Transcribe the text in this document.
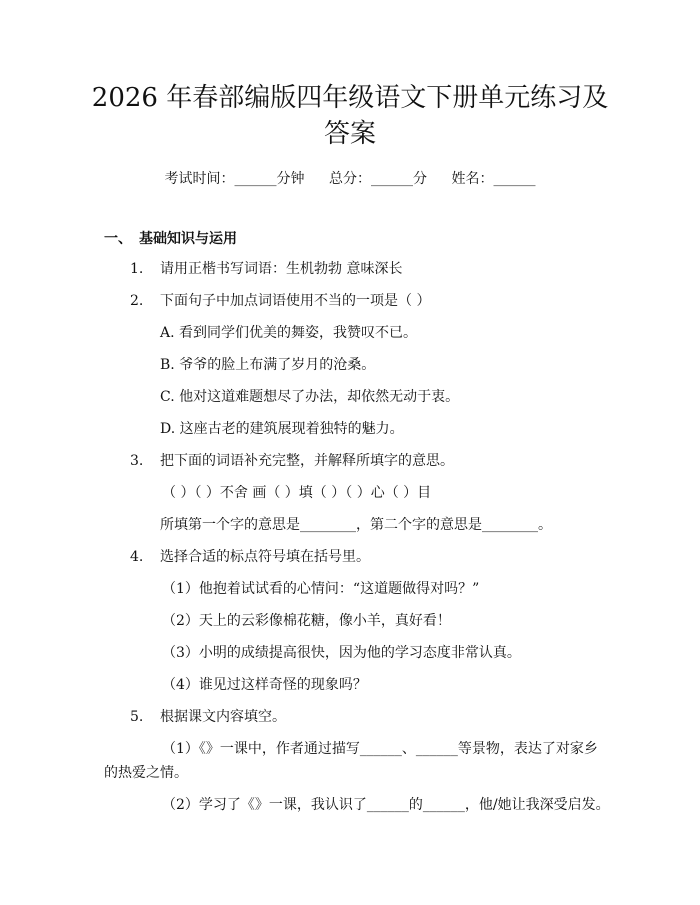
2026 年春部编版四年级语文下册单元练习及
答案
考试时间：______分钟 总分：______分 姓名：______
一、　基础知识与运用
1. 请用正楷书写词语：生机勃勃 意味深长
2. 下面句子中加点词语使用不当的一项是（ ）
A. 看到同学们优美的舞姿，我赞叹不已。
B. 爷爷的脸上布满了岁月的沧桑。
C. 他对这道难题想尽了办法，却依然无动于衷。
D. 这座古老的建筑展现着独特的魅力。
3. 把下面的词语补充完整，并解释所填字的意思。
（ ）（ ）不舍 画（ ）填（ ）（ ）心（ ）目
所填第一个字的意思是________，第二个字的意思是________。
4. 选择合适的标点符号填在括号里。
（1）他抱着试试看的心情问：“这道题做得对吗？”
（2）天上的云彩像棉花糖，像小羊，真好看！
（3）小明的成绩提高很快，因为他的学习态度非常认真。
（4）谁见过这样奇怪的现象吗？
5. 根据课文内容填空。
（1）《》一课中，作者通过描写______、______等景物，表达了对家乡
的热爱之情。
（2）学习了《》一课，我认识了______的______，他/她让我深受启发。
